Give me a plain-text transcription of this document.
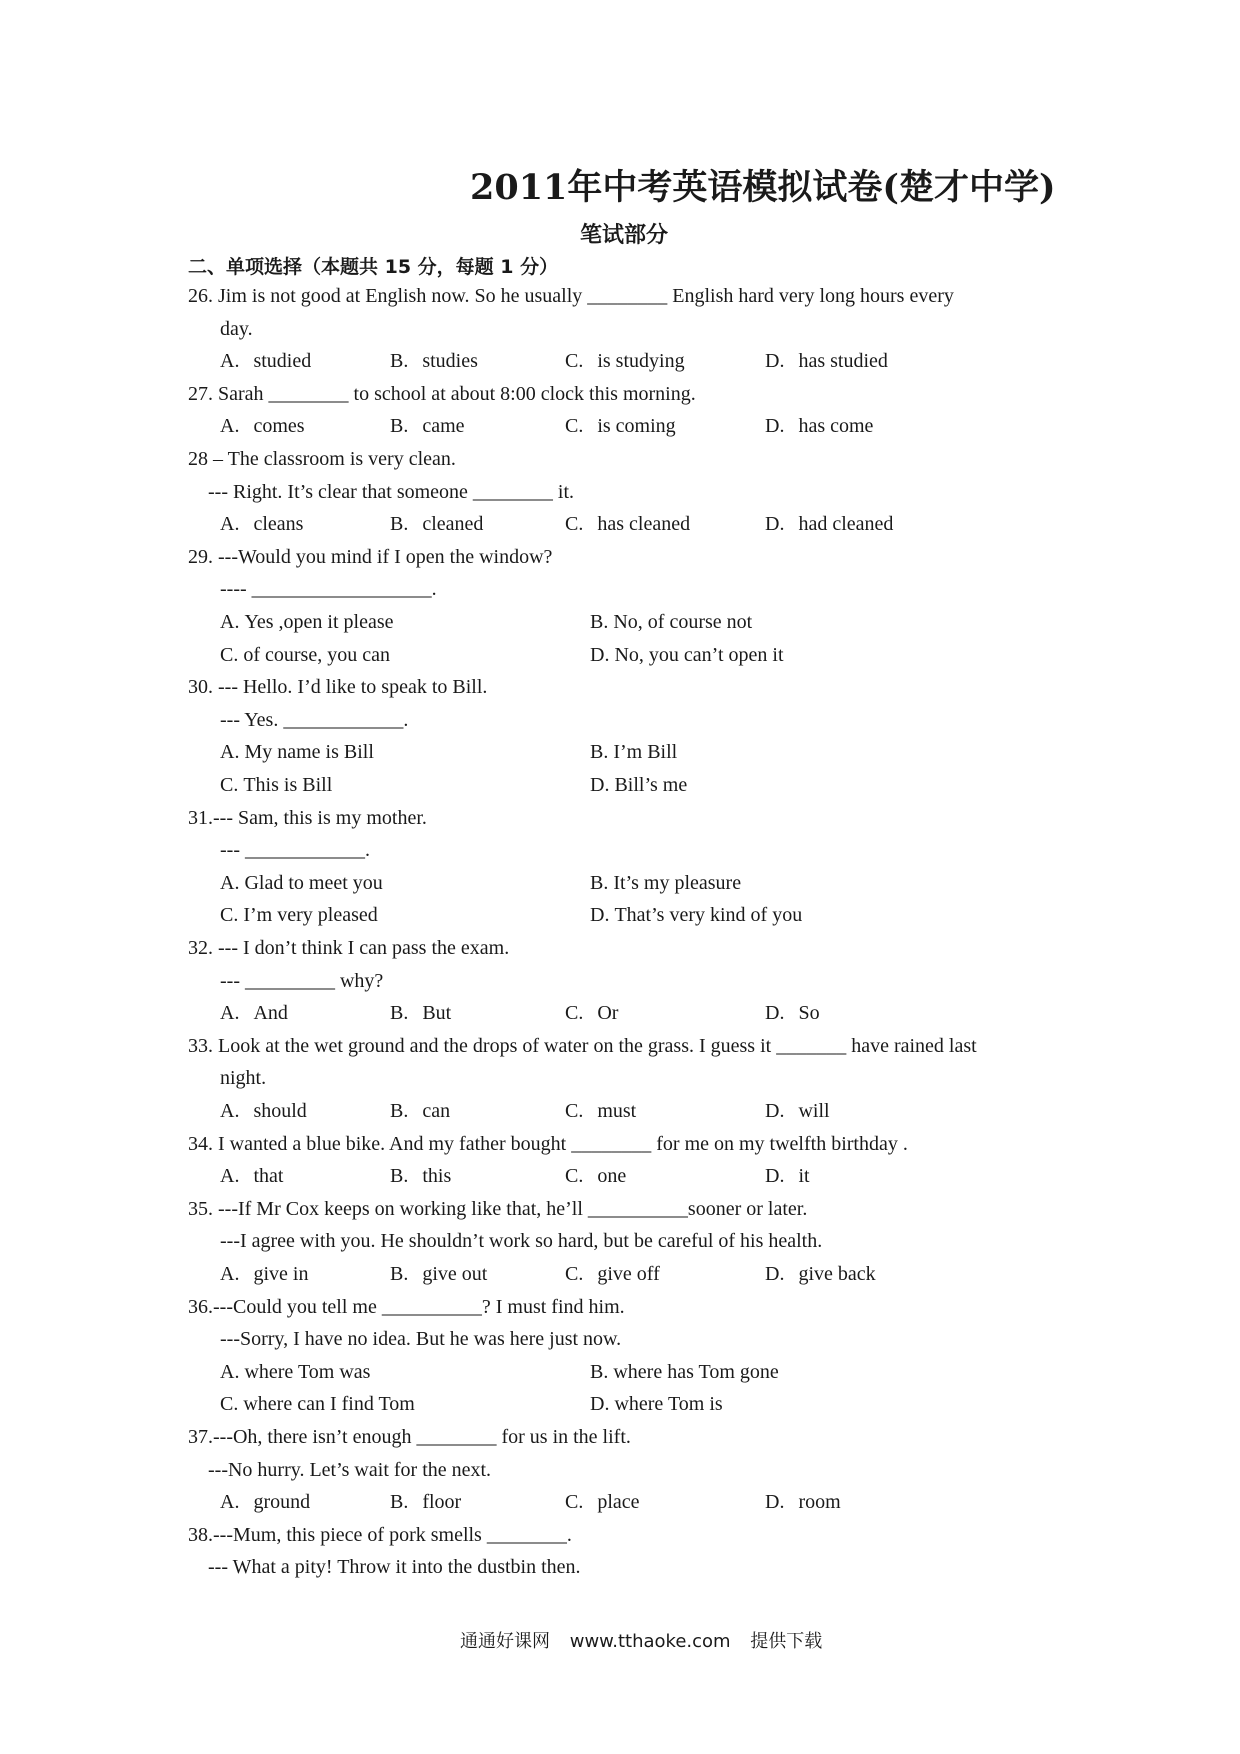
2011年中考英语模拟试卷(楚才中学)
笔试部分
二、单项选择（本题共 15 分，每题 1 分）
26. Jim is not good at English now. So he usually ________ English hard very long hours every
day.
A. studied	B. studies	C. is studying	D. has studied
27. Sarah ________ to school at about 8:00 clock this morning.
A. comes	B. came	C. is coming	D. has come
28 – The classroom is very clean.
--- Right. It’s clear that someone ________ it.
A. cleans	B. cleaned	C. has cleaned	D. had cleaned
29. ---Would you mind if I open the window?
---- __________________.
A. Yes ,open it please	B. No, of course not
C. of course, you can	D. No, you can’t open it
30. --- Hello. I’d like to speak to Bill.
--- Yes. ____________.
A. My name is Bill	B. I’m Bill
C. This is Bill	D. Bill’s me
31.--- Sam, this is my mother.
--- ____________.
A. Glad to meet you	B. It’s my pleasure
C. I’m very pleased	D. That’s very kind of you
32. --- I don’t think I can pass the exam.
--- _________ why?
A. And	B. But	C. Or	D. So
33. Look at the wet ground and the drops of water on the grass. I guess it _______ have rained last
night.
A. should	B. can	C. must	D. will
34. I wanted a blue bike. And my father bought ________ for me on my twelfth birthday .
A. that	B. this	C. one	D. it
35. ---If Mr Cox keeps on working like that, he’ll __________sooner or later.
---I agree with you. He shouldn’t work so hard, but be careful of his health.
A. give in	B. give out	C. give off	D. give back
36.---Could you tell me __________? I must find him.
---Sorry, I have no idea. But he was here just now.
A. where Tom was	B. where has Tom gone
C. where can I find Tom	D. where Tom is
37.---Oh, there isn’t enough ________ for us in the lift.
---No hurry. Let’s wait for the next.
A. ground	B. floor	C. place	D. room
38.---Mum, this piece of pork smells ________.
--- What a pity! Throw it into the dustbin then.
通通好课网 www.tthaoke.com 提供下载
